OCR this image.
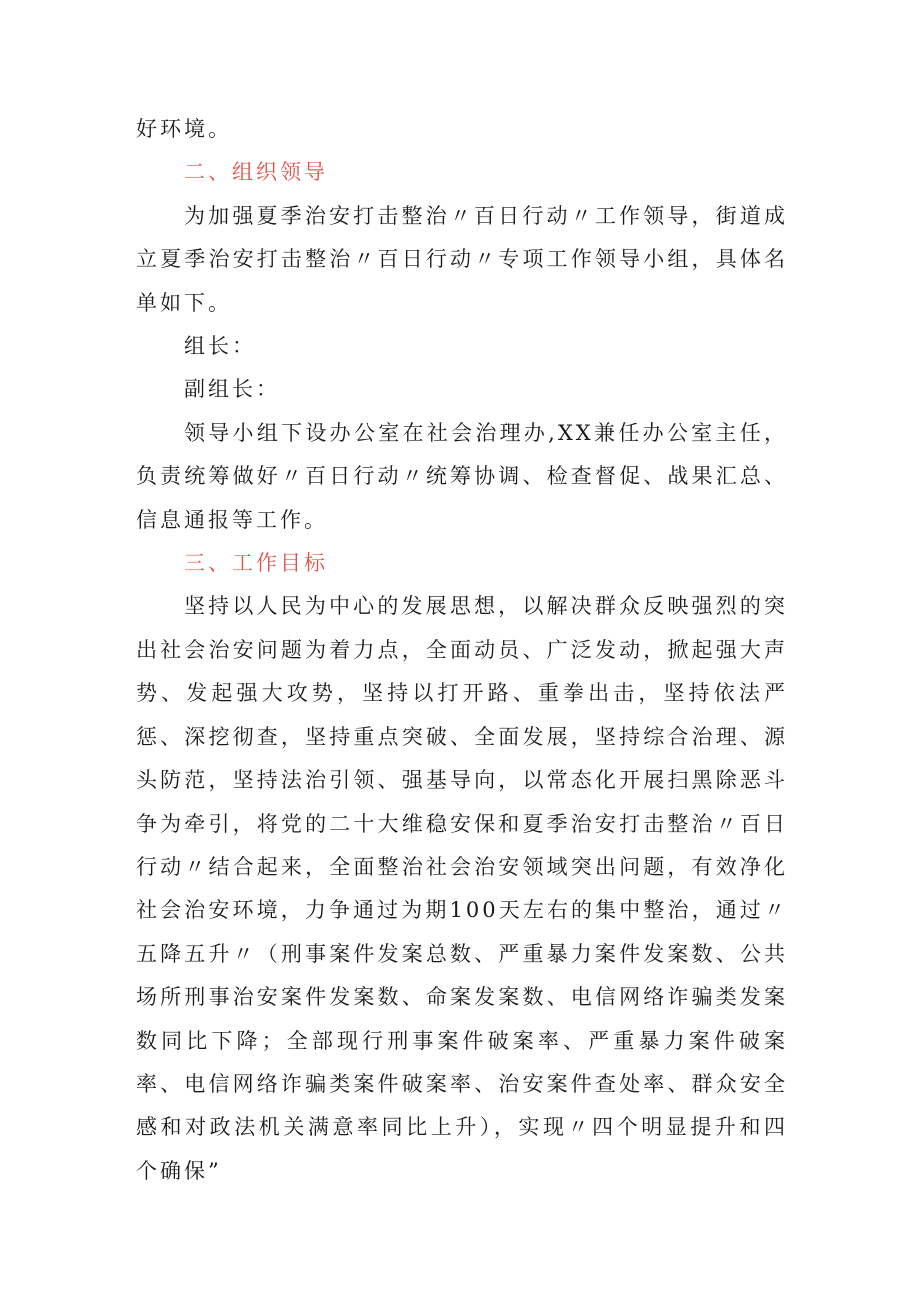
好环境。

二、组织领导

为加强夏季治安打击整治〃百日行动〃工作领导，街道成立夏季治安打击整治〃百日行动〃专项工作领导小组，具体名单如下。

组长：

副组长：

领导小组下设办公室在社会治理办,XX兼任办公室主任，负责统筹做好〃百日行动〃统筹协调、检查督促、战果汇总、信息通报等工作。

三、工作目标

坚持以人民为中心的发展思想，以解决群众反映强烈的突出社会治安问题为着力点，全面动员、广泛发动，掀起强大声势、发起强大攻势，坚持以打开路、重拳出击，坚持依法严惩、深挖彻查，坚持重点突破、全面发展，坚持综合治理、源头防范，坚持法治引领、强基导向，以常态化开展扫黑除恶斗争为牵引，将党的二十大维稳安保和夏季治安打击整治〃百日行动〃结合起来，全面整治社会治安领域突出问题，有效净化社会治安环境，力争通过为期100天左右的集中整治，通过〃五降五升〃（刑事案件发案总数、严重暴力案件发案数、公共场所刑事治安案件发案数、命案发案数、电信网络诈骗类发案数同比下降；全部现行刑事案件破案率、严重暴力案件破案率、电信网络诈骗类案件破案率、治安案件查处率、群众安全感和对政法机关满意率同比上升），实现〃四个明显提升和四个确保”
